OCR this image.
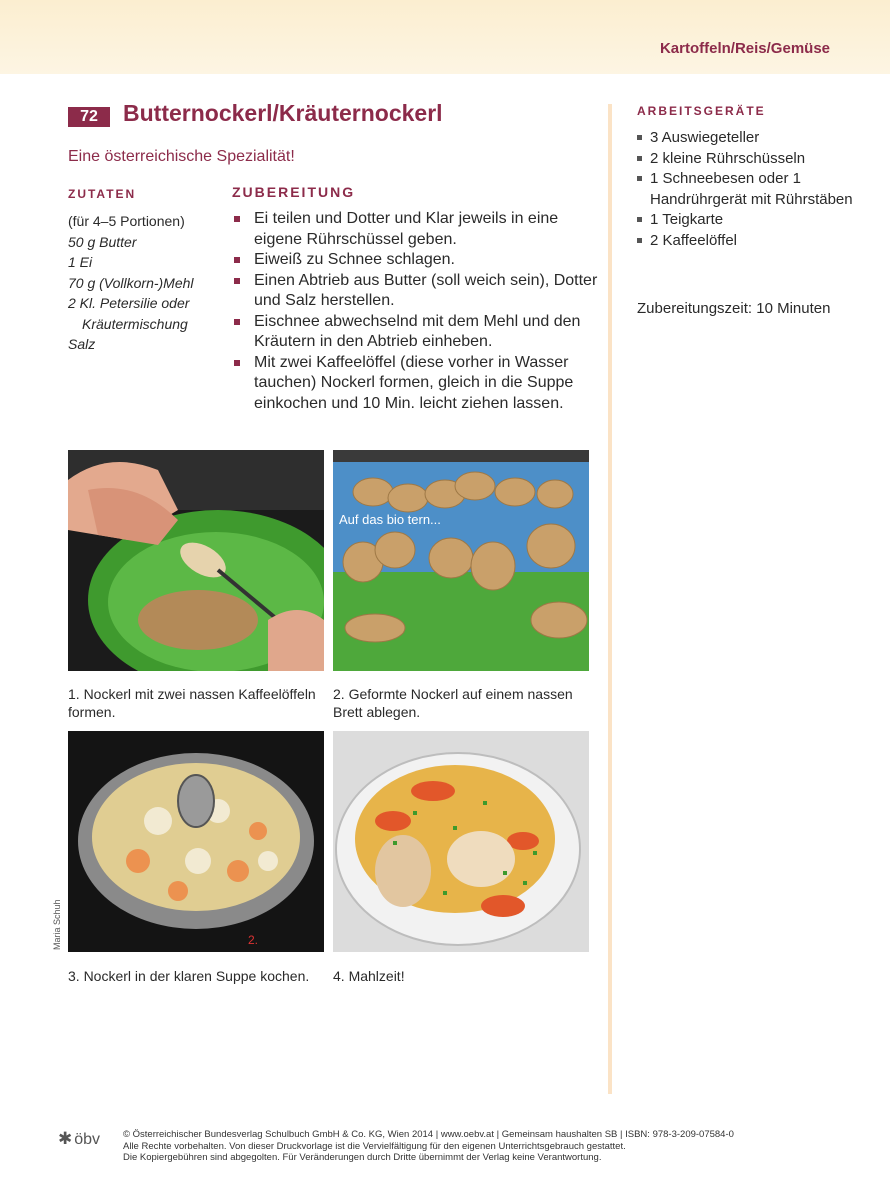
Kartoffeln/Reis/Gemüse
72	Butternockerl/Kräuternockerl
Eine österreichische Spezialität!
ZUTATEN	ZUBEREITUNG
(für 4–5 Portionen)
50 g Butter
1 Ei
70 g (Vollkorn-)Mehl
2 Kl. Petersilie oder
Kräutermischung
Salz
Ei teilen und Dotter und Klar jeweils in eine eigene Rührschüssel geben.
Eiweiß zu Schnee schlagen.
Einen Abtrieb aus Butter (soll weich sein), Dotter und Salz herstellen.
Eischnee abwechselnd mit dem Mehl und den Kräutern in den Abtrieb einheben.
Mit zwei Kaffeelöffel (diese vorher in Wasser tauchen) Nockerl formen, gleich in die Suppe einkochen und 10 Min. leicht ziehen lassen.
ARBEITSGERÄTE
3 Auswiegeteller
2 kleine Rührschüsseln
1 Schneebesen oder 1 Handrührgerät mit Rührstäben
1 Teigkarte
2 Kaffeelöffel
Zubereitungszeit: 10 Minuten
1. Nockerl mit zwei nassen Kaffeelöffeln formen.
Auf das bio tern...
2. Geformte Nockerl auf einem nassen Brett ablegen.
2.
3. Nockerl in der klaren Suppe kochen.	4. Mahlzeit!
Maria Schuh
✱ öbv © Österreichischer Bundesverlag Schulbuch GmbH & Co. KG, Wien 2014 | www.oebv.at | Gemeinsam haushalten SB | ISBN: 978-3-209-07584-0
Alle Rechte vorbehalten. Von dieser Druckvorlage ist die Vervielfältigung für den eigenen Unterrichtsgebrauch gestattet.
Die Kopiergebühren sind abgegolten. Für Veränderungen durch Dritte übernimmt der Verlag keine Verantwortung.
